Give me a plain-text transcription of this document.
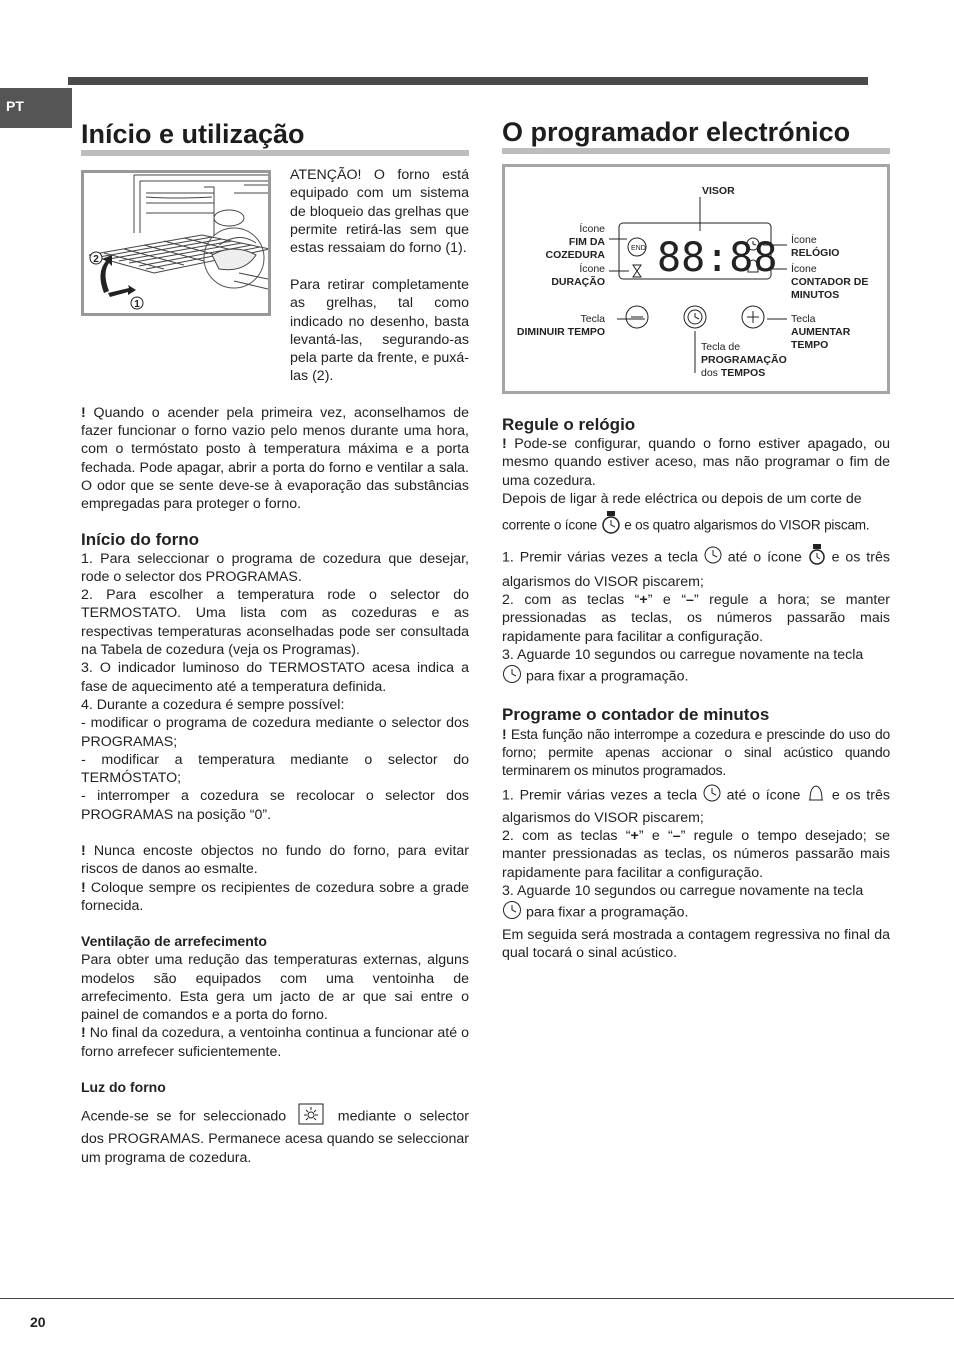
PT
Início e utilização
2
1

ATENÇÃO! O forno está equipado com um sistema de bloqueio das grelhas que permite retirá-las sem que estas ressaiam do forno (1).

Para retirar completamente as grelhas, tal como indicado no desenho, basta levantá-las, segurando-as pela parte da frente, e puxá-las (2).

! Quando o acender pela primeira vez, aconselhamos de fazer funcionar o forno vazio pelo menos durante uma hora, com o termóstato posto à temperatura máxima e a porta fechada. Pode apagar, abrir a porta do forno e ventilar a sala. O odor que se sente deve-se à evaporação das substâncias empregadas para proteger o forno.

Início do forno

1. Para seleccionar o programa de cozedura que desejar, rode o selector dos PROGRAMAS.

2. Para escolher a temperatura rode o selector do TERMOSTATO. Uma lista com as cozeduras e as respectivas temperaturas aconselhadas pode ser consultada na Tabela de cozedura (veja os Programas).

3. O indicador luminoso do TERMOSTATO acesa indica a fase de aquecimento até a temperatura definida.

4. Durante a cozedura é sempre possível:

- modificar o programa de cozedura mediante o selector dos PROGRAMAS;

- modificar a temperatura mediante o selector do TERMÓSTATO;

- interromper a cozedura se recolocar o selector dos PROGRAMAS na posição “0”.

! Nunca encoste objectos no fundo do forno, para evitar riscos de danos ao esmalte.

! Coloque sempre os recipientes de cozedura sobre a grade fornecida.

Ventilação de arrefecimento

Para obter uma redução das temperaturas externas, alguns modelos são equipados com uma ventoinha de arrefecimento. Esta gera um jacto de ar que sai entre o painel de comandos e a porta do forno.

! No final da cozedura, a ventoinha continua a funcionar até o forno arrefecer suficientemente.

Luz do forno

Acende-se se for seleccionado	mediante o selector dos PROGRAMAS. Permanece acesa quando se seleccionar um programa de cozedura.

O programador electrónico
END 88:88
VISOR
Ícone
FIM DA COZEDURA
Ícone
DURAÇÃO
Ícone
RELÓGIO
Ícone
CONTADOR DE MINUTOS
Tecla
DIMINUIR TEMPO
Tecla
AUMENTAR TEMPO
Tecla de
PROGRAMAÇÃO
dos TEMPOS

Regule o relógio

! Pode-se configurar, quando o forno estiver apagado, ou mesmo quando estiver aceso, mas não programar o fim de uma cozedura.

Depois de ligar à rede eléctrica ou depois de um corte de

corrente o ícone e os quatro algarismos do VISOR piscam.

1. Premir várias vezes a tecla até o ícone e os três algarismos do VISOR piscarem;

2. com as teclas “+” e “–” regule a hora; se manter pressionadas as teclas, os números passarão mais rapidamente para facilitar a configuração.

3. Aguarde 10 segundos ou carregue novamente na tecla

para fixar a programação.

Programe o contador de minutos

! Esta função não interrompe a cozedura e prescinde do uso do forno; permite apenas accionar o sinal acústico quando terminarem os minutos programados.

1. Premir várias vezes a tecla até o ícone e os três algarismos do VISOR piscarem;

2. com as teclas “+” e “–” regule o tempo desejado; se manter pressionadas as teclas, os números passarão mais rapidamente para facilitar a configuração.

3. Aguarde 10 segundos ou carregue novamente na tecla

para fixar a programação.

Em seguida será mostrada a contagem regressiva no final da qual tocará o sinal acústico.

20
